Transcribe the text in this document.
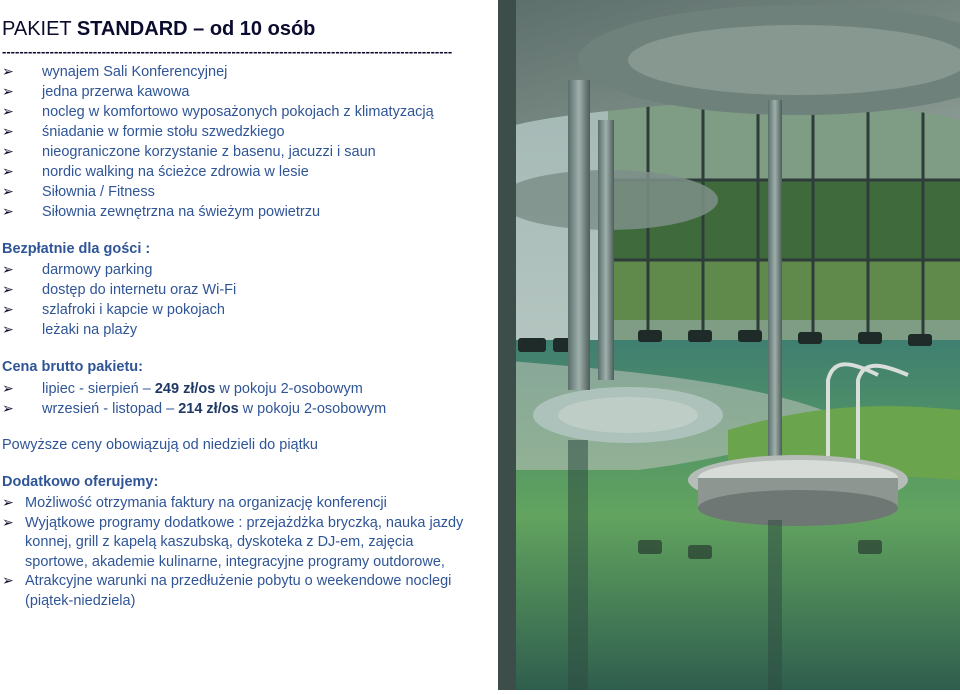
PAKIET STANDARD – od 10 osób
--------------------------------------------------------------------------------------------------------
➢ wynajem Sali Konferencyjnej
➢ jedna przerwa kawowa
➢ nocleg w komfortowo wyposażonych pokojach z klimatyzacją
➢ śniadanie w formie stołu szwedzkiego
➢ nieograniczone korzystanie z basenu, jacuzzi i saun
➢ nordic walking na ścieżce zdrowia w lesie
➢ Siłownia / Fitness
➢ Siłownia zewnętrzna na świeżym powietrzu
Bezpłatnie dla gości :
➢ darmowy parking
➢ dostęp do internetu oraz Wi-Fi
➢ szlafroki i kapcie w pokojach
➢ leżaki na plaży
Cena brutto pakietu:
➢ lipiec - sierpień – 249 zł/os w pokoju 2-osobowym
➢ wrzesień - listopad – 214 zł/os w pokoju 2-osobowym
Powyższe ceny obowiązują od niedzieli do piątku
Dodatkowo oferujemy:
➢ Możliwość otrzymania faktury na organizację konferencji
➢ Wyjątkowe programy dodatkowe : przejażdżka bryczką, nauka jazdy konnej, grill z kapelą kaszubską, dyskoteka z DJ-em, zajęcia sportowe, akademie kulinarne, integracyjne programy outdorowe,
➢ Atrakcyjne warunki na przedłużenie pobytu o weekendowe noclegi (piątek-niedziela)
